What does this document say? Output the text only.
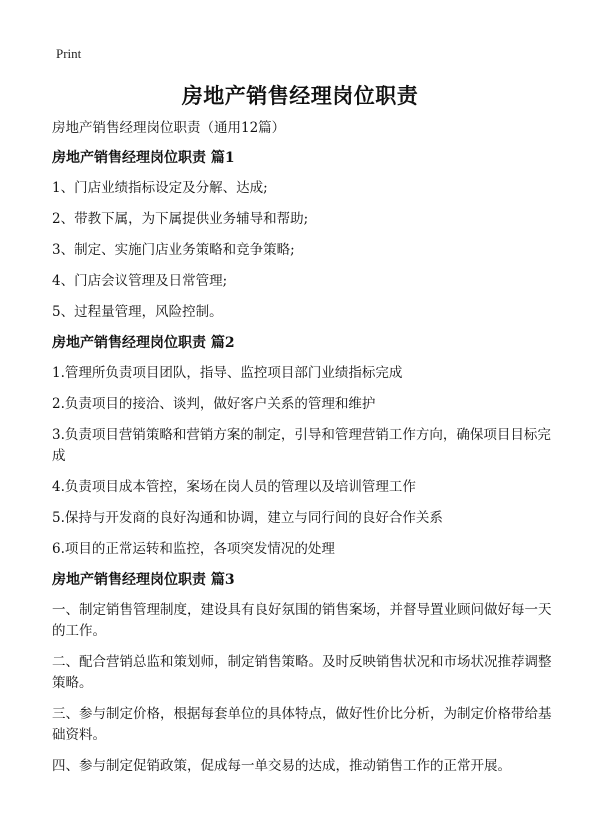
Print
房地产销售经理岗位职责
房地产销售经理岗位职责（通用12篇）
房地产销售经理岗位职责 篇1
1、门店业绩指标设定及分解、达成;
2、带教下属，为下属提供业务辅导和帮助;
3、制定、实施门店业务策略和竞争策略;
4、门店会议管理及日常管理;
5、过程量管理，风险控制。
房地产销售经理岗位职责 篇2
1.管理所负责项目团队，指导、监控项目部门业绩指标完成
2.负责项目的接洽、谈判，做好客户关系的管理和维护
3.负责项目营销策略和营销方案的制定，引导和管理营销工作方向，确保项目目标完成
4.负责项目成本管控，案场在岗人员的管理以及培训管理工作
5.保持与开发商的良好沟通和协调，建立与同行间的良好合作关系
6.项目的正常运转和监控，各项突发情况的处理
房地产销售经理岗位职责 篇3
一、制定销售管理制度，建设具有良好氛围的销售案场，并督导置业顾问做好每一天的工作。
二、配合营销总监和策划师，制定销售策略。及时反映销售状况和市场状况推荐调整策略。
三、参与制定价格，根据每套单位的具体特点，做好性价比分析，为制定价格带给基础资料。
四、参与制定促销政策，促成每一单交易的达成，推动销售工作的正常开展。
